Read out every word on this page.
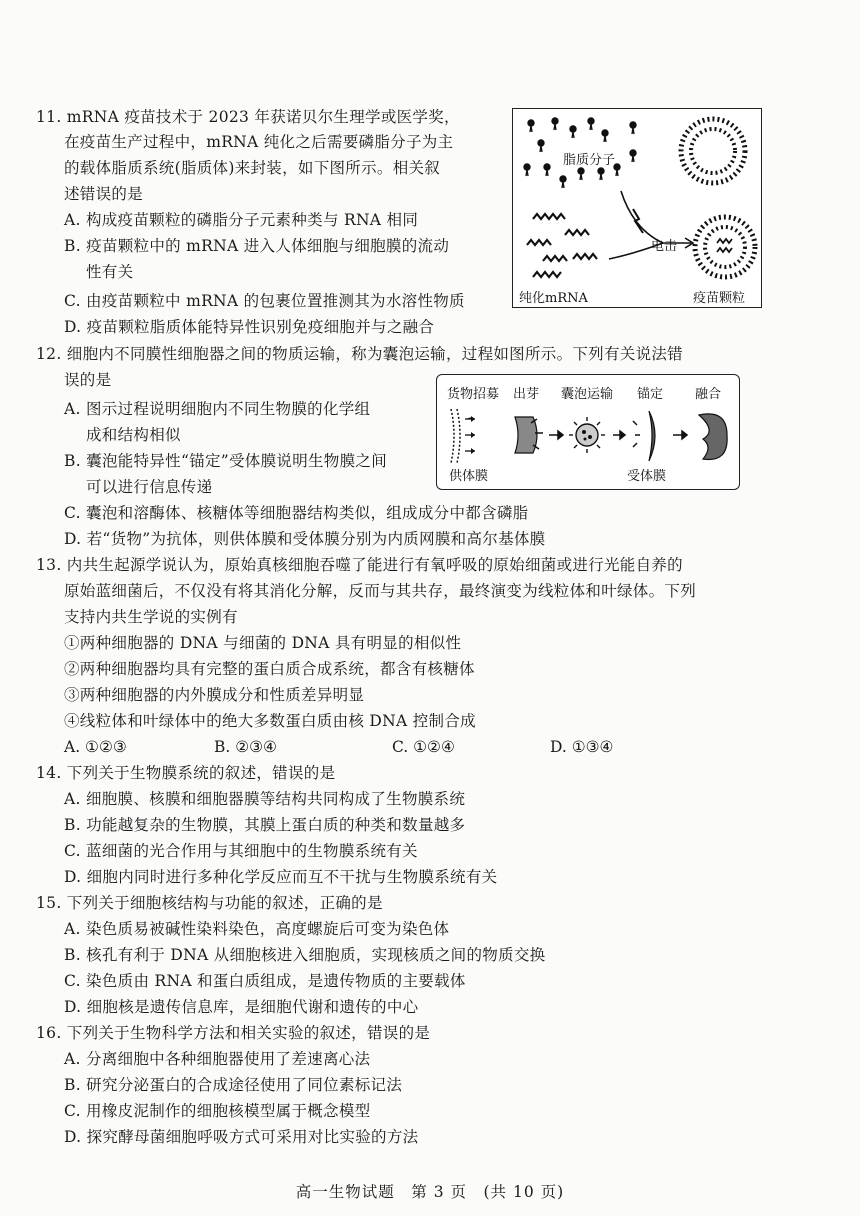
11. mRNA 疫苗技术于 2023 年获诺贝尔生理学或医学奖，
在疫苗生产过程中，mRNA 纯化之后需要磷脂分子为主
的载体脂质系统(脂质体)来封装，如下图所示。相关叙
述错误的是
A. 构成疫苗颗粒的磷脂分子元素种类与 RNA 相同
B. 疫苗颗粒中的 mRNA 进入人体细胞与细胞膜的流动
性有关
C. 由疫苗颗粒中 mRNA 的包裹位置推测其为水溶性物质
D. 疫苗颗粒脂质体能特异性识别免疫细胞并与之融合
脂质分子
电击
纯化mRNA	疫苗颗粒
12. 细胞内不同膜性细胞器之间的物质运输，称为囊泡运输，过程如图所示。下列有关说法错
误的是
A. 图示过程说明细胞内不同生物膜的化学组
成和结构相似
B. 囊泡能特异性“锚定”受体膜说明生物膜之间
可以进行信息传递
C. 囊泡和溶酶体、核糖体等细胞器结构类似，组成成分中都含磷脂
D. 若“货物”为抗体，则供体膜和受体膜分别为内质网膜和高尔基体膜
货物招募 出芽 囊泡运输 锚定 融合
供体膜	受体膜
13. 内共生起源学说认为，原始真核细胞吞噬了能进行有氧呼吸的原始细菌或进行光能自养的
原始蓝细菌后，不仅没有将其消化分解，反而与其共存，最终演变为线粒体和叶绿体。下列
支持内共生学说的实例有
①两种细胞器的 DNA 与细菌的 DNA 具有明显的相似性
②两种细胞器均具有完整的蛋白质合成系统，都含有核糖体
③两种细胞器的内外膜成分和性质差异明显
④线粒体和叶绿体中的绝大多数蛋白质由核 DNA 控制合成
A. ①②③	B. ②③④	C. ①②④	D. ①③④
14. 下列关于生物膜系统的叙述，错误的是
A. 细胞膜、核膜和细胞器膜等结构共同构成了生物膜系统
B. 功能越复杂的生物膜，其膜上蛋白质的种类和数量越多
C. 蓝细菌的光合作用与其细胞中的生物膜系统有关
D. 细胞内同时进行多种化学反应而互不干扰与生物膜系统有关
15. 下列关于细胞核结构与功能的叙述，正确的是
A. 染色质易被碱性染料染色，高度螺旋后可变为染色体
B. 核孔有利于 DNA 从细胞核进入细胞质，实现核质之间的物质交换
C. 染色质由 RNA 和蛋白质组成，是遗传物质的主要载体
D. 细胞核是遗传信息库，是细胞代谢和遗传的中心
16. 下列关于生物科学方法和相关实验的叙述，错误的是
A. 分离细胞中各种细胞器使用了差速离心法
B. 研究分泌蛋白的合成途径使用了同位素标记法
C. 用橡皮泥制作的细胞核模型属于概念模型
D. 探究酵母菌细胞呼吸方式可采用对比实验的方法
高一生物试题　第 3 页　(共 10 页)
